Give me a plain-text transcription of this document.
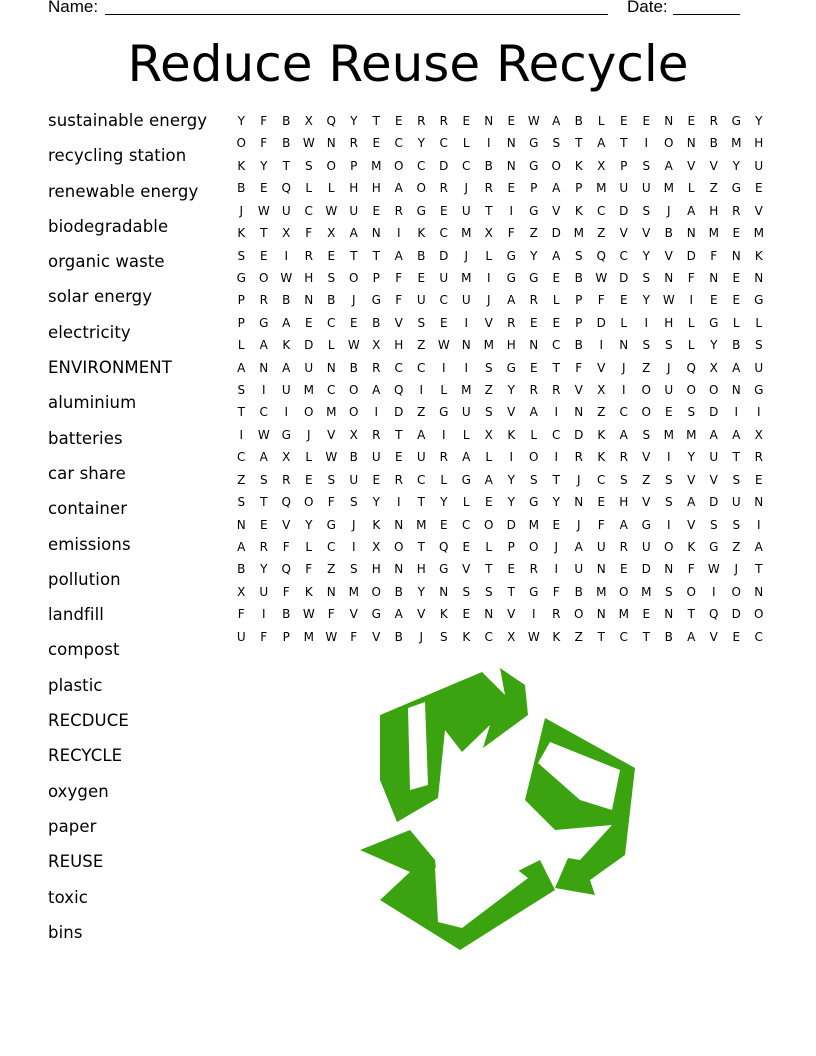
Name:	Date:
Reduce Reuse Recycle
sustainable energy
recycling station
renewable energy
biodegradable
organic waste
solar energy
electricity
ENVIRONMENT
aluminium
batteries
car share
container
emissions
pollution
landfill
compost
plastic
RECDUCE
RECYCLE
oxygen
paper
REUSE
toxic
bins
Y	F	B	X	Q	Y	T	E	R	R	E	N	E	W	A	B	L	E	E	N	E	R	G	Y
O	F	B	W	N	R	E	C	Y	C	L	I	N	G	S	T	A	T	I	O	N	B	M	H
K	Y	T	S	O	P	M	O	C	D	C	B	N	G	O	K	X	P	S	A	V	V	Y	U
B	E	Q	L	L	H	H	A	O	R	J	R	E	P	A	P	M	U	U	M	L	Z	G	E
J	W	U	C	W	U	E	R	G	E	U	T	I	G	V	K	C	D	S	J	A	H	R	V
K	T	X	F	X	A	N	I	K	C	M	X	F	Z	D	M	Z	V	V	B	N	M	E	M
S	E	I	R	E	T	T	A	B	D	J	L	G	Y	A	S	Q	C	Y	V	D	F	N	K
G	O W	H	S	O	P	F	E	U	M	I	G	G	E	B	W D	S	N	F	N	E	N
P	R	B	N	B	J	G	F	U	C	U	J	A	R	L	P	F	E	Y	W	I	E	E	G
P	G	A	E	C	E	B	V	S	E	I	V	R	E	E	P	D	L	I	H	L	G	L	L
L	A	K	D	L	W	X	H	Z	W	N	M	H	N	C	B	I	N	S	S	L	Y	B	S
A	N	A	U	N	B	R	C	C	I	I	S	G	E	T	F	V	J	Z	J	Q	X	A	U
S	I	U	M	C	O	A	Q	I	L	M	Z	Y	R	R	V	X	I	O	U	O	O	N	G
T	C	I	O	M	O	I	D	Z	G	U	S	V	A	I	N	Z	C	O	E	S	D	I	I
I	W G	J	V	X	R	T	A	I	L	X	K	L	C	D	K	A	S	M	M	A	A	X
C	A	X	L	W	B	U	E	U	R	A	L	I	O	I	R	K	R	V	I	Y	U	T	R
Z	S	R	E	S	U	E	R	C	L	G	A	Y	S	T	J	C	S	Z	S	V	V	S	E
S	T	Q	O	F	S	Y	I	T	Y	L	E	Y	G	Y	N	E	H	V	S	A	D	U	N
N	E	V	Y	G	J	K	N	M	E	C	O	D	M	E	J	F	A	G	I	V	S	S	I
A	R	F	L	C	I	X	O	T	Q	E	L	P	O	J	A	U	R	U	O	K	G	Z	A
B	Y	Q	F	Z	S	H	N	H	G	V	T	E	R	I	U	N	E	D	N	F	W	J	T
X	U	F	K	N	M	O	B	Y	N	S	S	T	G	F	B	M	O	M	S	O	I	O	N
F	I	B	W	F	V	G	A	V	K	E	N	V	I	R	O	N	M	E	N	T	Q	D	O
U	F	P	M W	F	V	B	J	S	K	C	X	W	K	Z	T	C	T	B	A	V	E	C
